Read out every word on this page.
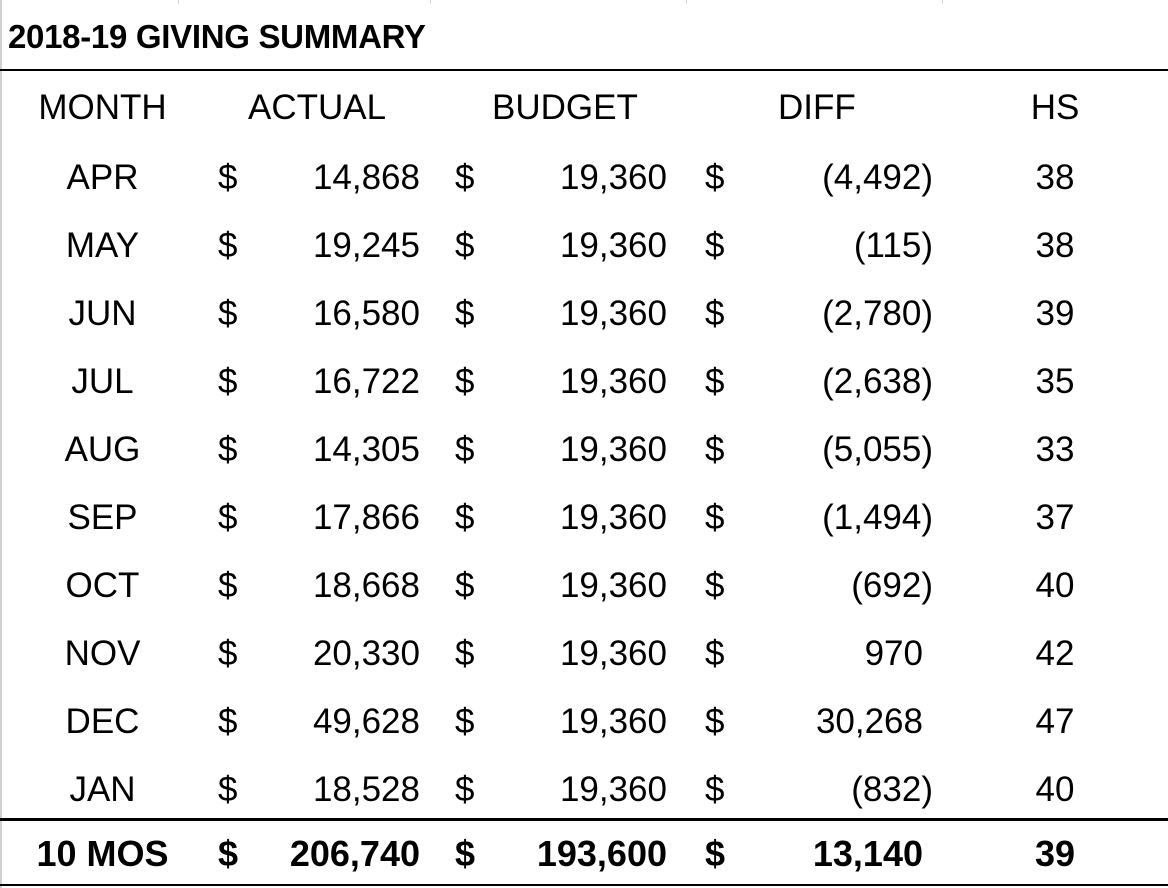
2018-19 GIVING SUMMARY
MONTH	ACTUAL	BUDGET	DIFF	HS
APR	$	14,868 $	19,360 $	(4,492)	38
MAY	$	19,245 $	19,360 $	(115)	38
JUN	$	16,580 $	19,360 $	(2,780)	39
JUL	$	16,722 $	19,360 $	(2,638)	35
AUG	$	14,305 $	19,360 $	(5,055)	33
SEP	$	17,866 $	19,360 $	(1,494)	37
OCT	$	18,668 $	19,360 $	(692)	40
NOV	$	20,330 $	19,360 $	970	42
DEC	$	49,628 $	19,360 $	30,268	47
JAN	$	18,528 $	19,360 $	(832)	40
10 MOS	$	206,740 $	193,600 $	13,140	39
